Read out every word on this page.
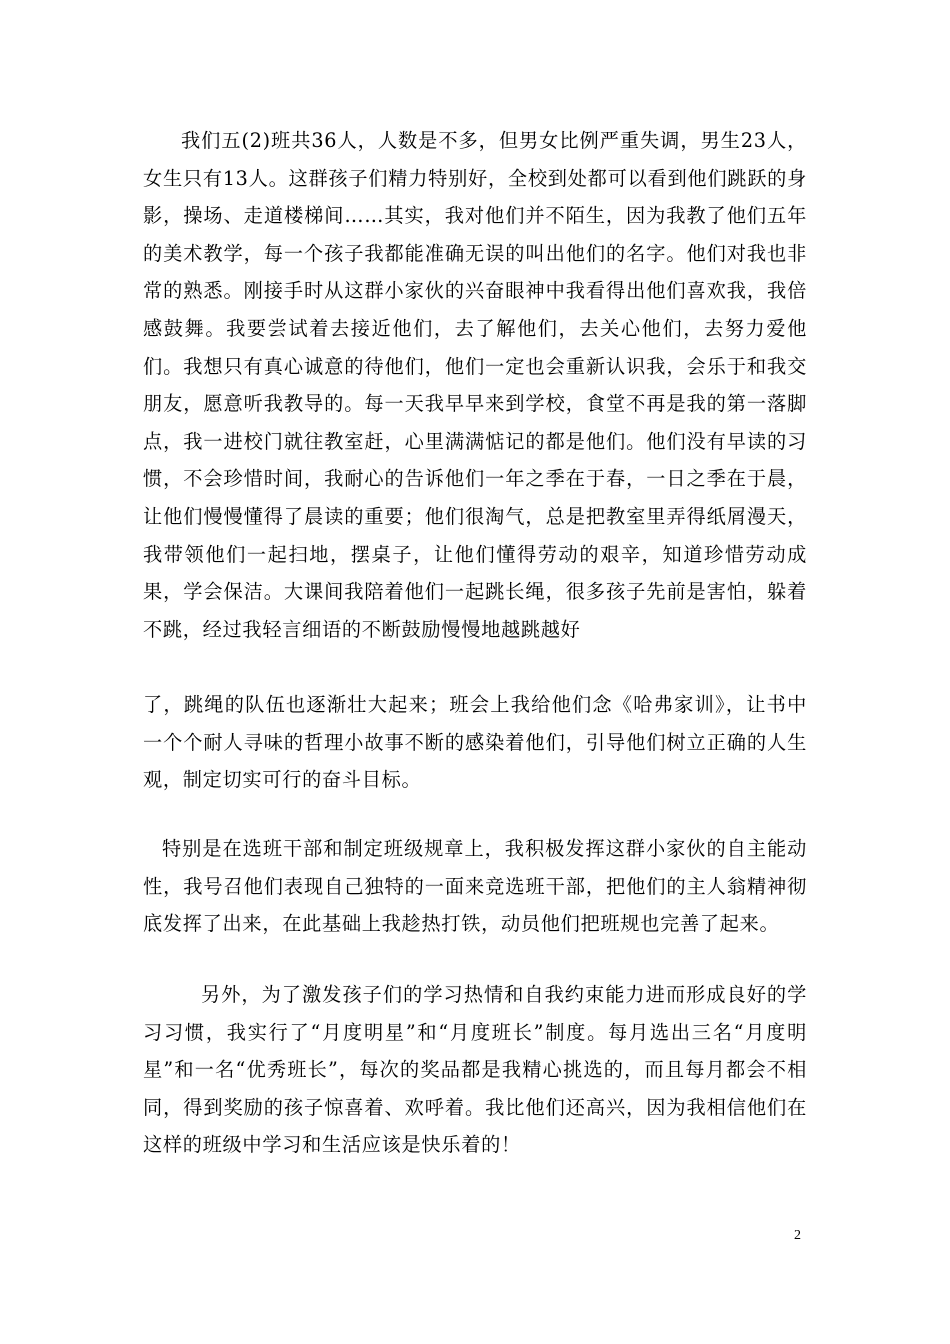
我们五(2)班共36人，人数是不多，但男女比例严重失调，男生23人，女生只有13人。这群孩子们精力特别好，全校到处都可以看到他们跳跃的身影，操场、走道楼梯间……其实，我对他们并不陌生，因为我教了他们五年的美术教学，每一个孩子我都能准确无误的叫出他们的名字。他们对我也非常的熟悉。刚接手时从这群小家伙的兴奋眼神中我看得出他们喜欢我，我倍感鼓舞。我要尝试着去接近他们，去了解他们，去关心他们，去努力爱他们。我想只有真心诚意的待他们，他们一定也会重新认识我，会乐于和我交朋友，愿意听我教导的。每一天我早早来到学校，食堂不再是我的第一落脚点，我一进校门就往教室赶，心里满满惦记的都是他们。他们没有早读的习惯，不会珍惜时间，我耐心的告诉他们一年之季在于春，一日之季在于晨，让他们慢慢懂得了晨读的重要；他们很淘气，总是把教室里弄得纸屑漫天，我带领他们一起扫地，摆桌子，让他们懂得劳动的艰辛，知道珍惜劳动成果，学会保洁。大课间我陪着他们一起跳长绳，很多孩子先前是害怕，躲着不跳，经过我轻言细语的不断鼓励慢慢地越跳越好

了，跳绳的队伍也逐渐壮大起来；班会上我给他们念《哈弗家训》，让书中一个个耐人寻味的哲理小故事不断的感染着他们，引导他们树立正确的人生观，制定切实可行的奋斗目标。

特别是在选班干部和制定班级规章上，我积极发挥这群小家伙的自主能动性，我号召他们表现自己独特的一面来竞选班干部，把他们的主人翁精神彻底发挥了出来，在此基础上我趁热打铁，动员他们把班规也完善了起来。

另外，为了激发孩子们的学习热情和自我约束能力进而形成良好的学习习惯，我实行了“月度明星”和“月度班长”制度。每月选出三名“月度明星”和一名“优秀班长”，每次的奖品都是我精心挑选的，而且每月都会不相同，得到奖励的孩子惊喜着、欢呼着。我比他们还高兴，因为我相信他们在这样的班级中学习和生活应该是快乐着的！

2
